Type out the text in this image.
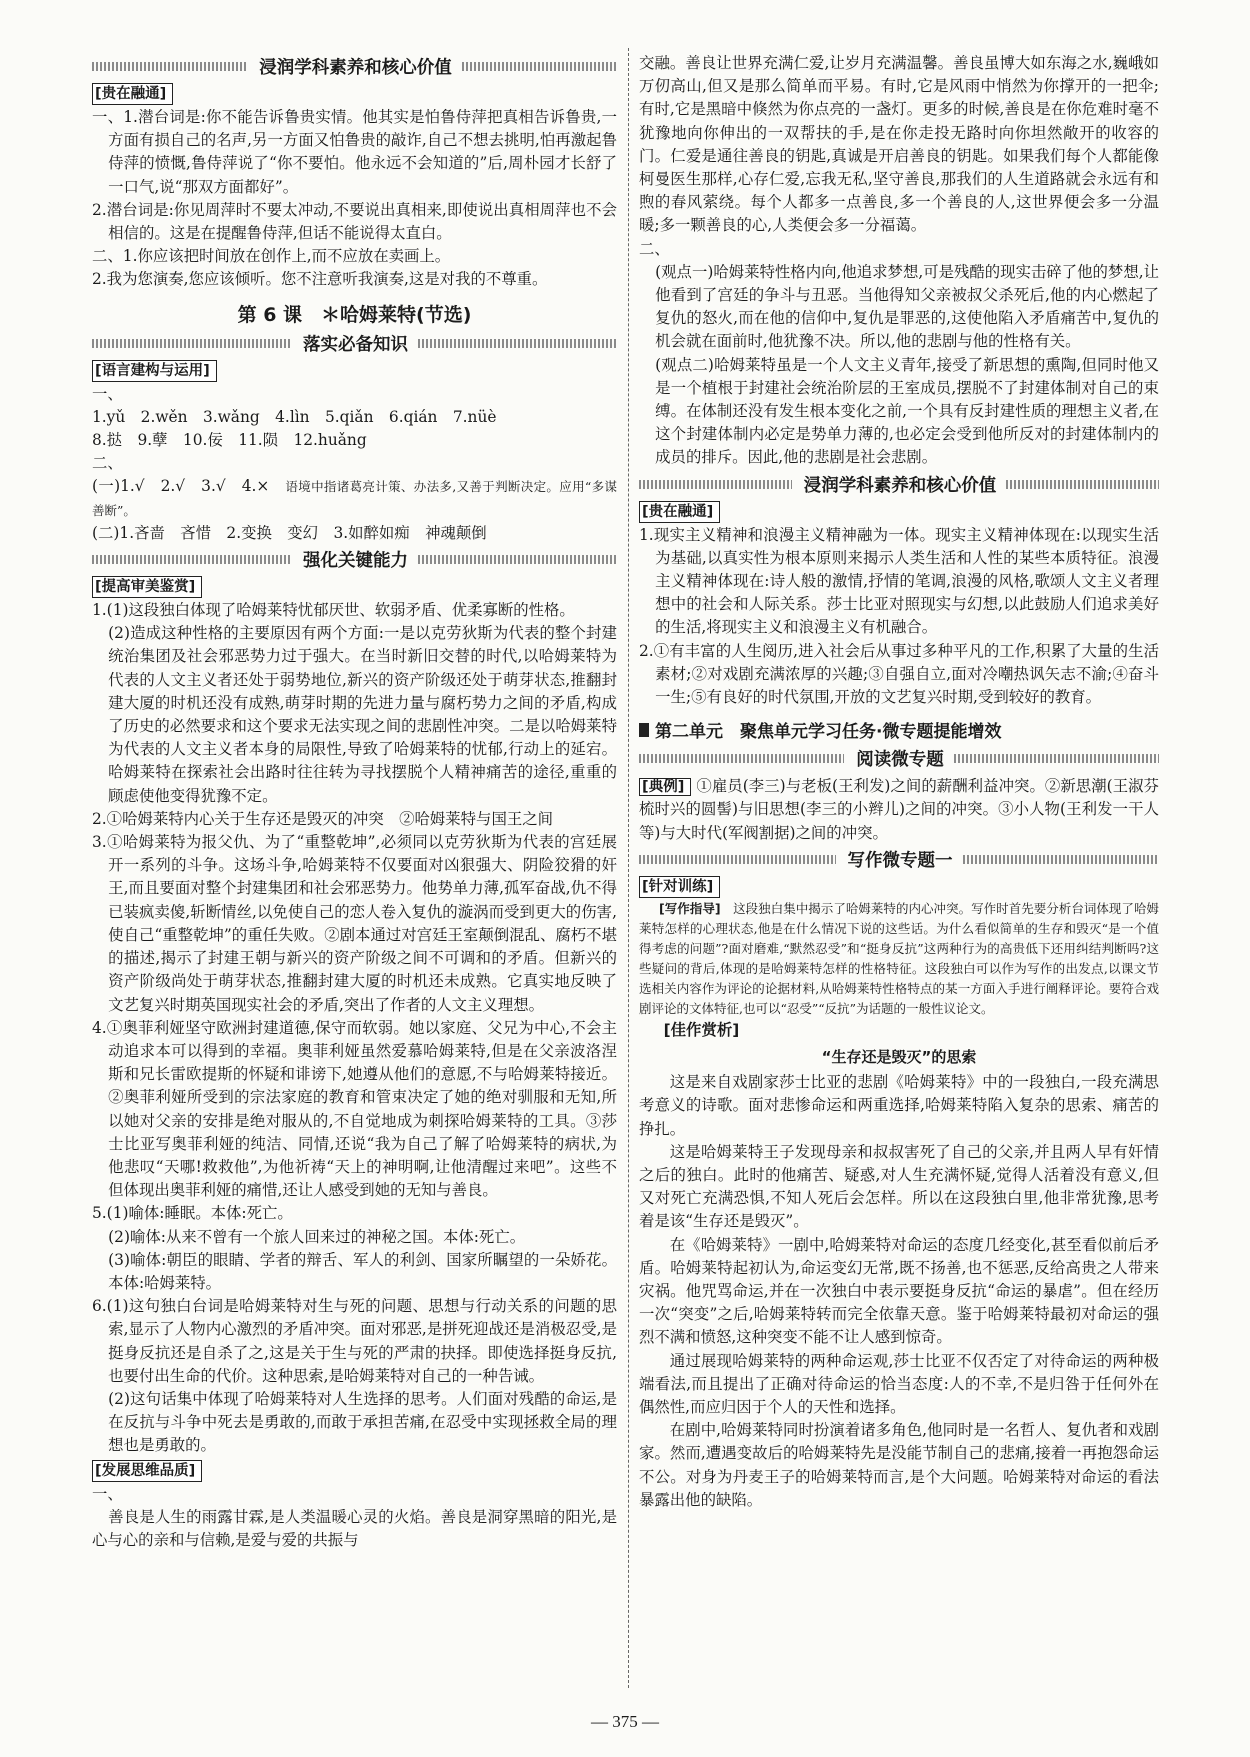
浸润学科素养和核心价值
[贵在融通]

一、1.潜台词是:你不能告诉鲁贵实情。他其实是怕鲁侍萍把真相告诉鲁贵,一方面有损自己的名声,另一方面又怕鲁贵的敲诈,自己不想去挑明,怕再激起鲁侍萍的愤慨,鲁侍萍说了“你不要怕。他永远不会知道的”后,周朴园才长舒了一口气,说“那双方面都好”。

2.潜台词是:你见周萍时不要太冲动,不要说出真相来,即使说出真相周萍也不会相信的。这是在提醒鲁侍萍,但话不能说得太直白。

二、1.你应该把时间放在创作上,而不应放在卖画上。

2.我为您演奏,您应该倾听。您不注意听我演奏,这是对我的不尊重。

第 6 课　＊哈姆莱特(节选)
落实必备知识
[语言建构与运用]

一、

1.yǔ　2.wěn　3.wǎng　4.lìn　5.qiǎn　6.qián　7.nüè

8.挞　9.孽　10.佞　11.陨　12.huǎng

二、

(一)1.√　2.√　3.√　4.×　语境中指诸葛亮计策、办法多,又善于判断决定。应用“多谋善断”。

(二)1.吝啬　吝惜　2.变换　变幻　3.如醉如痴　神魂颠倒

强化关键能力
[提高审美鉴赏]

1.(1)这段独白体现了哈姆莱特忧郁厌世、软弱矛盾、优柔寡断的性格。

(2)造成这种性格的主要原因有两个方面:一是以克劳狄斯为代表的整个封建统治集团及社会邪恶势力过于强大。在当时新旧交替的时代,以哈姆莱特为代表的人文主义者还处于弱势地位,新兴的资产阶级还处于萌芽状态,推翻封建大厦的时机还没有成熟,萌芽时期的先进力量与腐朽势力之间的矛盾,构成了历史的必然要求和这个要求无法实现之间的悲剧性冲突。二是以哈姆莱特为代表的人文主义者本身的局限性,导致了哈姆莱特的忧郁,行动上的延宕。哈姆莱特在探索社会出路时往往转为寻找摆脱个人精神痛苦的途径,重重的顾虑使他变得犹豫不定。

2.①哈姆莱特内心关于生存还是毁灭的冲突　②哈姆莱特与国王之间

3.①哈姆莱特为报父仇、为了“重整乾坤”,必须同以克劳狄斯为代表的宫廷展开一系列的斗争。这场斗争,哈姆莱特不仅要面对凶狠强大、阴险狡猾的奸王,而且要面对整个封建集团和社会邪恶势力。他势单力薄,孤军奋战,仇不得已装疯卖傻,斩断情丝,以免使自己的恋人卷入复仇的漩涡而受到更大的伤害,使自己“重整乾坤”的重任失败。②剧本通过对宫廷王室颠倒混乱、腐朽不堪的描述,揭示了封建王朝与新兴的资产阶级之间不可调和的矛盾。但新兴的资产阶级尚处于萌芽状态,推翻封建大厦的时机还未成熟。它真实地反映了文艺复兴时期英国现实社会的矛盾,突出了作者的人文主义理想。

4.①奥菲利娅坚守欧洲封建道德,保守而软弱。她以家庭、父兄为中心,不会主动追求本可以得到的幸福。奥菲利娅虽然爱慕哈姆莱特,但是在父亲波洛涅斯和兄长雷欧提斯的怀疑和诽谤下,她遵从他们的意愿,不与哈姆莱特接近。②奥菲利娅所受到的宗法家庭的教育和管束决定了她的绝对驯服和无知,所以她对父亲的安排是绝对服从的,不自觉地成为刺探哈姆莱特的工具。③莎士比亚写奥菲利娅的纯洁、同情,还说“我为自己了解了哈姆莱特的病状,为他悲叹“天哪!救救他”,为他祈祷“天上的神明啊,让他清醒过来吧”。这些不但体现出奥菲利娅的痛惜,还让人感受到她的无知与善良。

5.(1)喻体:睡眠。本体:死亡。

(2)喻体:从来不曾有一个旅人回来过的神秘之国。本体:死亡。

(3)喻体:朝臣的眼睛、学者的辩舌、军人的利剑、国家所瞩望的一朵娇花。本体:哈姆莱特。

6.(1)这句独白台词是哈姆莱特对生与死的问题、思想与行动关系的问题的思索,显示了人物内心激烈的矛盾冲突。面对邪恶,是拼死迎战还是消极忍受,是挺身反抗还是自杀了之,这是关于生与死的严肃的抉择。即使选择挺身反抗,也要付出生命的代价。这种思索,是哈姆莱特对自己的一种告诫。

(2)这句话集中体现了哈姆莱特对人生选择的思考。人们面对残酷的命运,是在反抗与斗争中死去是勇敢的,而敢于承担苦痛,在忍受中实现拯救全局的理想也是勇敢的。

[发展思维品质]

一、

善良是人生的雨露甘霖,是人类温暖心灵的火焰。善良是洞穿黑暗的阳光,是心与心的亲和与信赖,是爱与爱的共振与

交融。善良让世界充满仁爱,让岁月充满温馨。善良虽博大如东海之水,巍峨如万仞高山,但又是那么简单而平易。有时,它是风雨中悄然为你撑开的一把伞;有时,它是黑暗中倏然为你点亮的一盏灯。更多的时候,善良是在你危难时毫不犹豫地向你伸出的一双帮扶的手,是在你走投无路时向你坦然敞开的收容的门。仁爱是通往善良的钥匙,真诚是开启善良的钥匙。如果我们每个人都能像柯曼医生那样,心存仁爱,忘我无私,坚守善良,那我们的人生道路就会永远有和煦的春风萦绕。每个人都多一点善良,多一个善良的人,这世界便会多一分温暖;多一颗善良的心,人类便会多一分福蔼。

二、

(观点一)哈姆莱特性格内向,他追求梦想,可是残酷的现实击碎了他的梦想,让他看到了宫廷的争斗与丑恶。当他得知父亲被叔父杀死后,他的内心燃起了复仇的怒火,而在他的信仰中,复仇是罪恶的,这使他陷入矛盾痛苦中,复仇的机会就在面前时,他犹豫不决。所以,他的悲剧与他的性格有关。

(观点二)哈姆莱特虽是一个人文主义青年,接受了新思想的熏陶,但同时他又是一个植根于封建社会统治阶层的王室成员,摆脱不了封建体制对自己的束缚。在体制还没有发生根本变化之前,一个具有反封建性质的理想主义者,在这个封建体制内必定是势单力薄的,也必定会受到他所反对的封建体制内的成员的排斥。因此,他的悲剧是社会悲剧。

浸润学科素养和核心价值
[贵在融通]

1.现实主义精神和浪漫主义精神融为一体。现实主义精神体现在:以现实生活为基础,以真实性为根本原则来揭示人类生活和人性的某些本质特征。浪漫主义精神体现在:诗人般的激情,抒情的笔调,浪漫的风格,歌颂人文主义者理想中的社会和人际关系。莎士比亚对照现实与幻想,以此鼓励人们追求美好的生活,将现实主义和浪漫主义有机融合。

2.①有丰富的人生阅历,进入社会后从事过多种平凡的工作,积累了大量的生活素材;②对戏剧充满浓厚的兴趣;③自强自立,面对冷嘲热讽矢志不渝;④奋斗一生;⑤有良好的时代氛围,开放的文艺复兴时期,受到较好的教育。

第二单元　聚焦单元学习任务·微专题提能增效
阅读微专题

[典例] ①雇员(李三)与老板(王利发)之间的薪酬利益冲突。②新思潮(王淑芬梳时兴的圆髻)与旧思想(李三的小辫儿)之间的冲突。③小人物(王利发一干人等)与大时代(军阀割据)之间的冲突。

写作微专题一
[针对训练]

[写作指导]　 这段独白集中揭示了哈姆莱特的内心冲突。写作时首先要分析台词体现了哈姆莱特怎样的心理状态,他是在什么情况下说的这些话。为什么看似简单的生存和毁灭“是一个值得考虑的问题”?面对磨难,“默然忍受”和“挺身反抗”这两种行为的高贵低下还用纠结判断吗?这些疑问的背后,体现的是哈姆莱特怎样的性格特征。这段独白可以作为写作的出发点,以课文节选相关内容作为评论的论据材料,从哈姆莱特性格特点的某一方面入手进行阐释评论。要符合戏剧评论的文体特征,也可以“忍受”“反抗”为话题的一般性议论文。

[佳作赏析]

“生存还是毁灭”的思索

这是来自戏剧家莎士比亚的悲剧《哈姆莱特》中的一段独白,一段充满思考意义的诗歌。面对悲惨命运和两重选择,哈姆莱特陷入复杂的思索、痛苦的挣扎。

这是哈姆莱特王子发现母亲和叔叔害死了自己的父亲,并且两人早有奸情之后的独白。此时的他痛苦、疑惑,对人生充满怀疑,觉得人活着没有意义,但又对死亡充满恐惧,不知人死后会怎样。所以在这段独白里,他非常犹豫,思考着是该“生存还是毁灭”。

在《哈姆莱特》一剧中,哈姆莱特对命运的态度几经变化,甚至看似前后矛盾。哈姆莱特起初认为,命运变幻无常,既不扬善,也不惩恶,反给高贵之人带来灾祸。他咒骂命运,并在一次独白中表示要挺身反抗“命运的暴虐”。但在经历一次“突变”之后,哈姆莱特转而完全依靠天意。鉴于哈姆莱特最初对命运的强烈不满和愤怒,这种突变不能不让人感到惊奇。

通过展现哈姆莱特的两种命运观,莎士比亚不仅否定了对待命运的两种极端看法,而且提出了正确对待命运的恰当态度:人的不幸,不是归咎于任何外在偶然性,而应归因于个人的天性和选择。

在剧中,哈姆莱特同时扮演着诸多角色,他同时是一名哲人、复仇者和戏剧家。然而,遭遇变故后的哈姆莱特先是没能节制自己的悲痛,接着一再抱怨命运不公。对身为丹麦王子的哈姆莱特而言,是个大问题。哈姆莱特对命运的看法暴露出他的缺陷。

— 375 —
